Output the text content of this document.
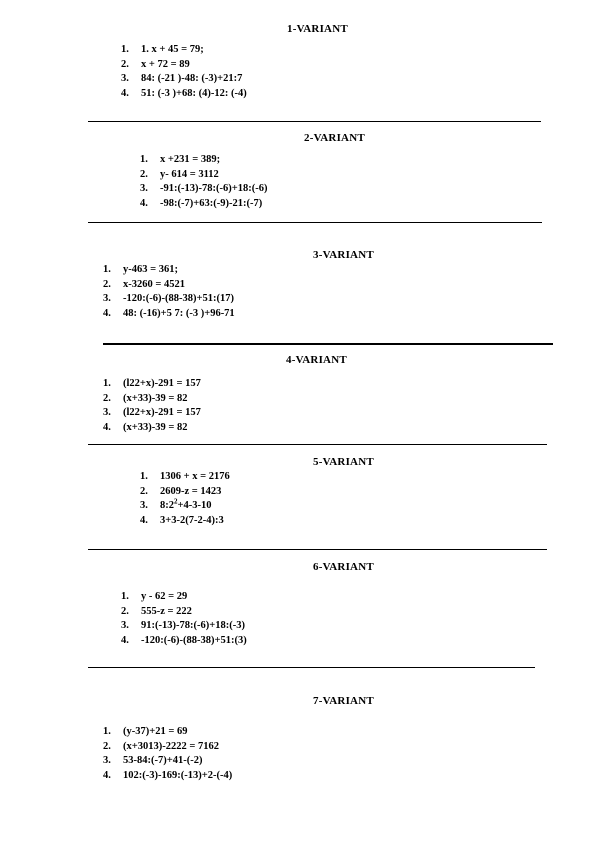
1-VARIANT
1. 1. x + 45 = 79;
2. x + 72 = 89
3. 84: (-21 )-48: (-3)+21:7
4. 51: (-3 )+68: (4)-12: (-4)
2-VARIANT
1. x +231 = 389;
2. y- 614 = 3112
3. -91:(-13)-78:(-6)+18:(-6)
4. -98:(-7)+63:(-9)-21:(-7)
3-VARIANT
1. y-463 = 361;
2. x-3260 = 4521
3. -120:(-6)-(88-38)+51:(17)
4. 48: (-16)+5 7: (-3 )+96-71
4-VARIANT
1. (l22+x)-291 = 157
2. (x+33)-39 = 82
3. (l22+x)-291 = 157
4. (x+33)-39 = 82
5-VARIANT
1. 1306 + x = 2176
2. 2609-z = 1423
3. $8:2^2+4-3-10$
4. 3+3-2(7-2-4):3
6-VARIANT
1. y - 62 = 29
2. 555-z = 222
3. 91:(-13)-78:(-6)+18:(-3)
4. -120:(-6)-(88-38)+51:(3)
7-VARIANT
1. (y-37)+21 = 69
2. (x+3013)-2222 = 7162
3. 53-84:(-7)+41-(-2)
4. 102:(-3)-169:(-13)+2-(-4)
